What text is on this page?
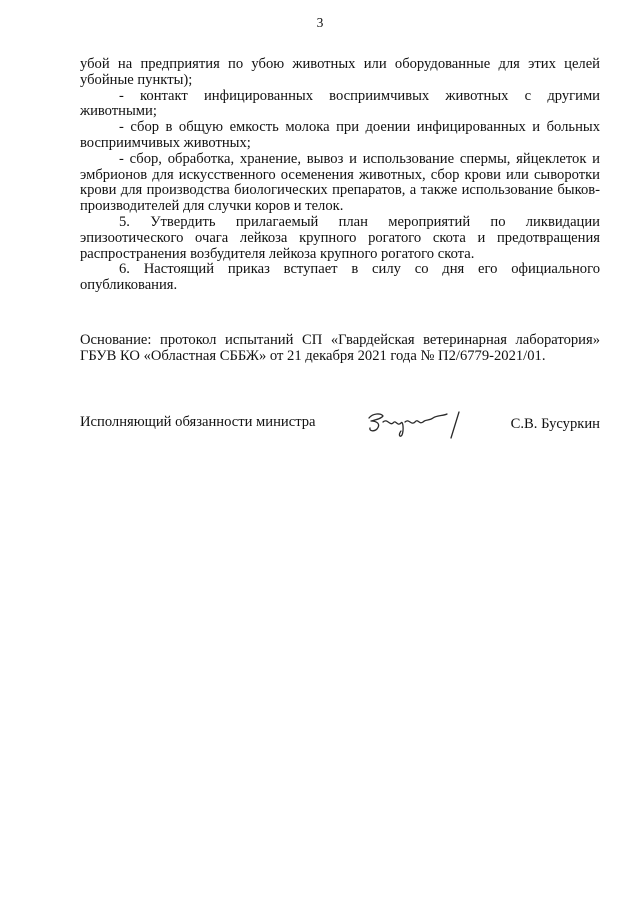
3

убой на предприятия по убою животных или оборудованные для этих целей убойные пункты);

- контакт инфицированных восприимчивых животных с другими животными;

- сбор в общую емкость молока при доении инфицированных и больных восприимчивых животных;

- сбор, обработка, хранение, вывоз и использование спермы, яйцеклеток и эмбрионов для искусственного осеменения животных, сбор крови или сыворотки крови для производства биологических препаратов, а также использование быков-производителей для случки коров и телок.

5. Утвердить прилагаемый план мероприятий по ликвидации эпизоотического очага лейкоза крупного рогатого скота и предотвращения распространения возбудителя лейкоза крупного рогатого скота.

6. Настоящий приказ вступает в силу со дня его официального опубликования.

Основание: протокол испытаний СП «Гвардейская ветеринарная лаборатория» ГБУВ КО «Областная СББЖ» от 21 декабря 2021 года № П2/6779-2021/01.

Исполняющий обязанности министра	С.В. Бусуркин
